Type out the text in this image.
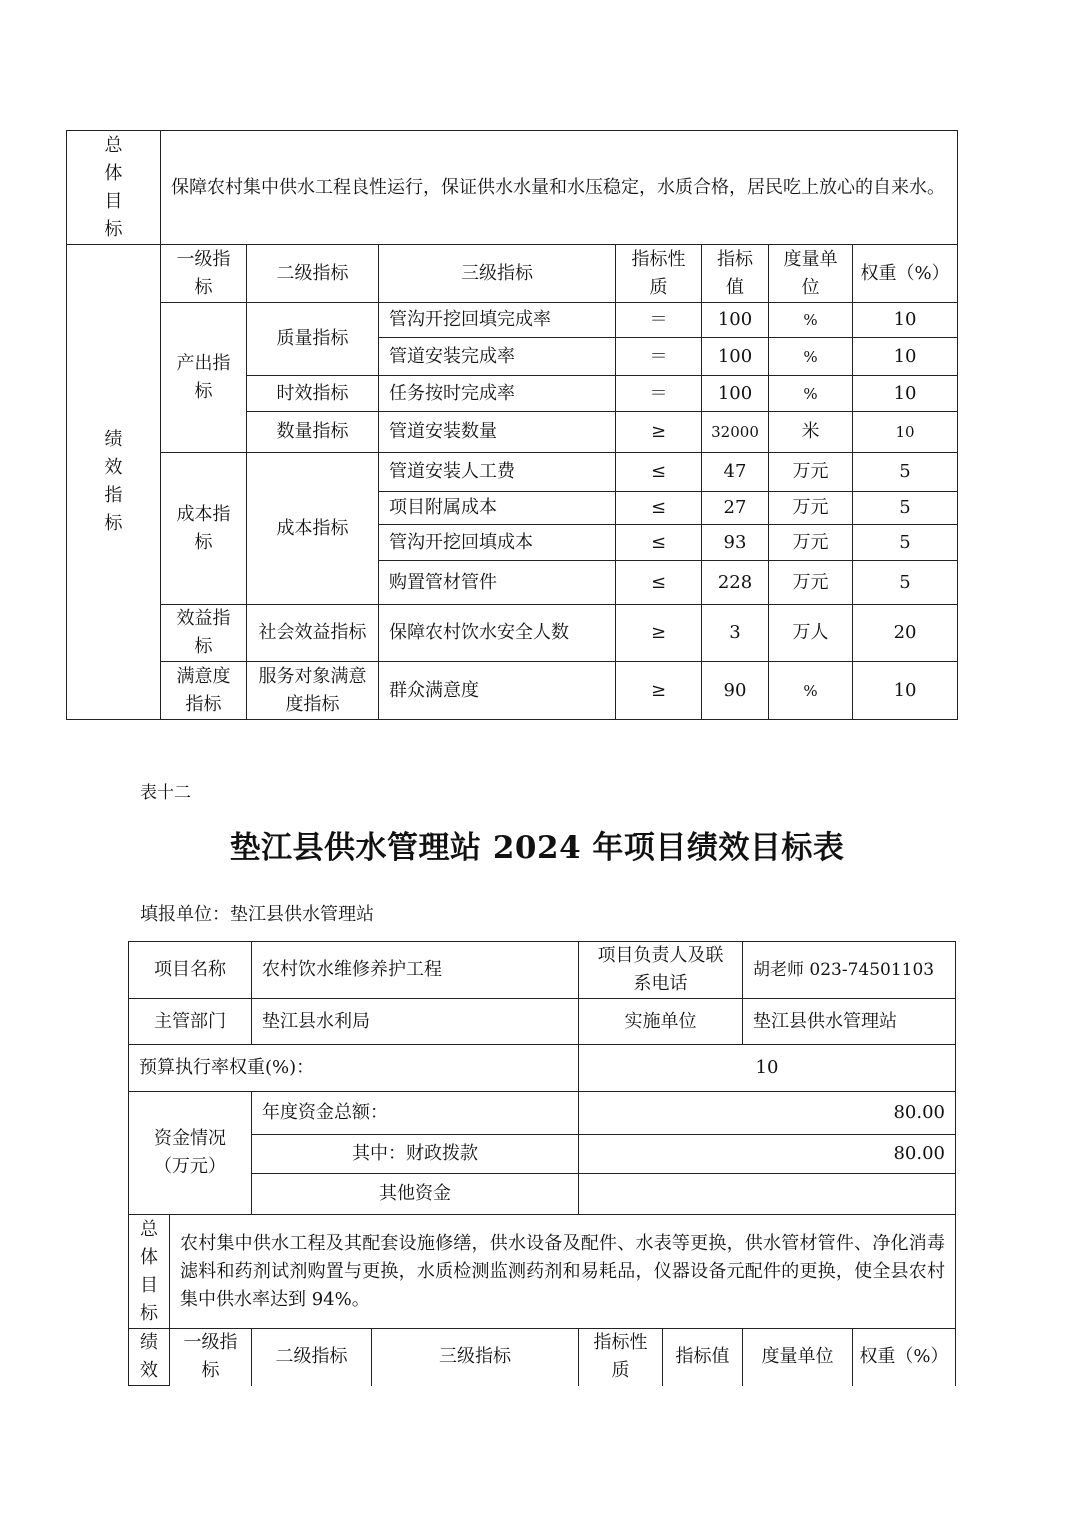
总体目标	保障农村集中供水工程良性运行，保证供水水量和水压稳定，水质合格，居民吃上放心的自来水。						

绩效指标	一级指标	二级指标	三级指标	指标性质	指标值	度量单位	权重（%）

	产出指标	质量指标	管沟开挖回填完成率	＝	100	%	10
			管道安装完成率	＝	100	%	10
		时效指标	任务按时完成率	＝	100	%	10
		数量指标	管道安装数量	≥	32000	米	10

	成本指标	成本指标	管道安装人工费	≤	47	万元	5
			项目附属成本	≤	27	万元	5
			管沟开挖回填成本	≤	93	万元	5
			购置管材管件	≤	228	万元	5

	效益指标	社会效益指标	保障农村饮水安全人数	≥	3	万人	20

	满意度指标	服务对象满意度指标	群众满意度	≥	90	%	10
表十二
垫江县供水管理站 2024 年项目绩效目标表
填报单位：垫江县供水管理站
项目名称		农村饮水维修养护工程		项目负责人及联系电话		胡老师 023-74501103	
主管部门		垫江县水利局		实施单位		垫江县供水管理站	
预算执行率权重(%)：				10			

资金情况（万元）		年度资金总额：		80.00			
		其中：财政拨款		80.00			
		其他资金					

总体目标	农村集中供水工程及其配套设施修缮，供水设备及配件、水表等更换，供水管材管件、净化消毒滤料和药剂试剂购置与更换，水质检测监测药剂和易耗品，仪器设备元配件的更换，使全县农村集中供水率达到 94%。						

绩效	一级指标	二级指标	三级指标	指标性质	指标值	度量单位	权重（%）
